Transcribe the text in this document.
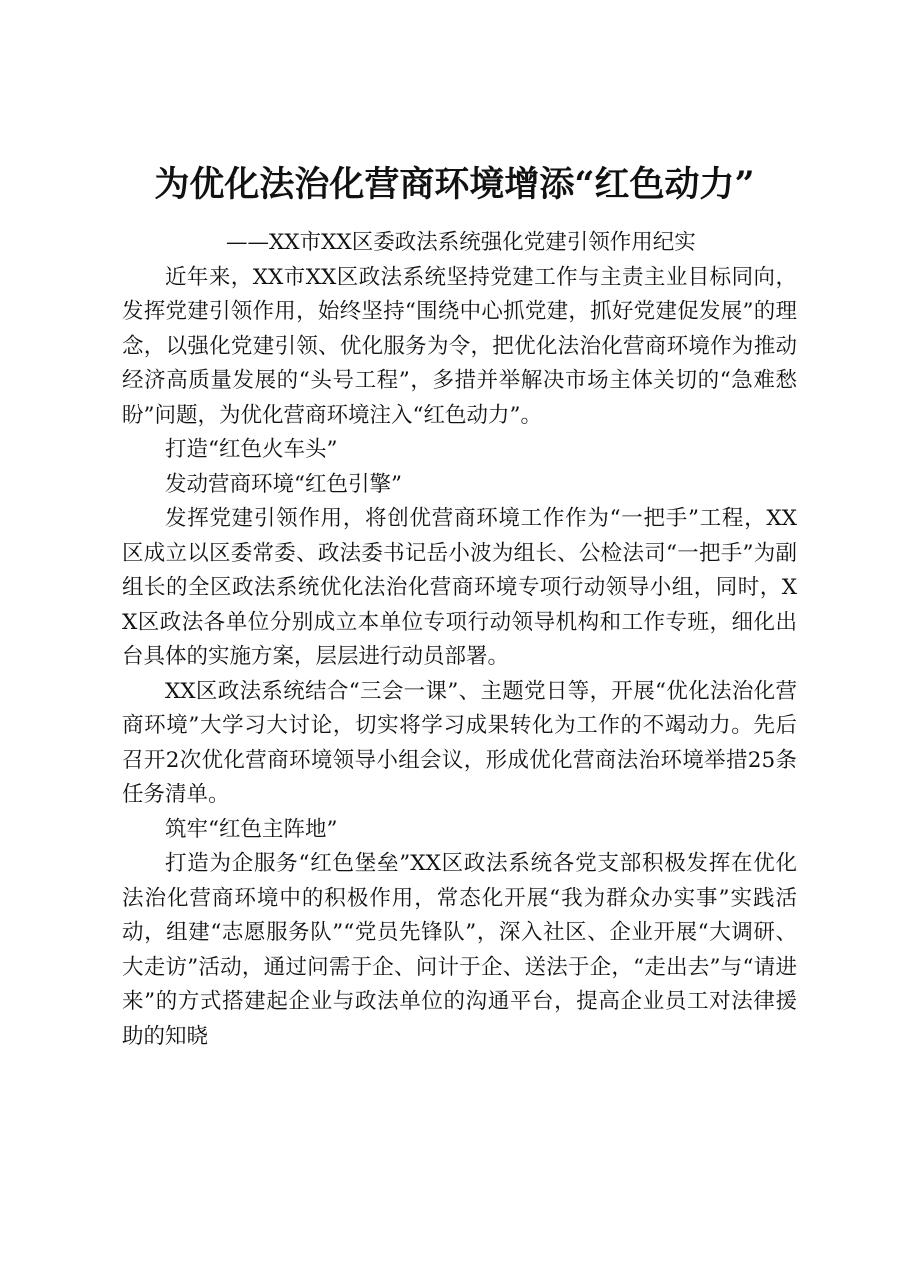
为优化法治化营商环境增添“红色动力”

——XX市XX区委政法系统强化党建引领作用纪实

近年来，XX市XX区政法系统坚持党建工作与主责主业目标同向，发挥党建引领作用，始终坚持“围绕中心抓党建，抓好党建促发展”的理念，以强化党建引领、优化服务为令，把优化法治化营商环境作为推动经济高质量发展的“头号工程”，多措并举解决市场主体关切的“急难愁盼”问题，为优化营商环境注入“红色动力”。

打造“红色火车头”

发动营商环境“红色引擎”

发挥党建引领作用，将创优营商环境工作作为“一把手”工程，XX区成立以区委常委、政法委书记岳小波为组长、公检法司“一把手”为副组长的全区政法系统优化法治化营商环境专项行动领导小组，同时，XX区政法各单位分别成立本单位专项行动领导机构和工作专班，细化出台具体的实施方案，层层进行动员部署。

XX区政法系统结合“三会一课”、主题党日等，开展“优化法治化营商环境”大学习大讨论，切实将学习成果转化为工作的不竭动力。先后召开2次优化营商环境领导小组会议，形成优化营商法治环境举措25条任务清单。

筑牢“红色主阵地”

打造为企服务“红色堡垒”XX区政法系统各党支部积极发挥在优化法治化营商环境中的积极作用，常态化开展“我为群众办实事”实践活动，组建“志愿服务队”“党员先锋队”，深入社区、企业开展“大调研、大走访”活动，通过问需于企、问计于企、送法于企，“走出去”与“请进来”的方式搭建起企业与政法单位的沟通平台，提高企业员工对法律援助的知晓
